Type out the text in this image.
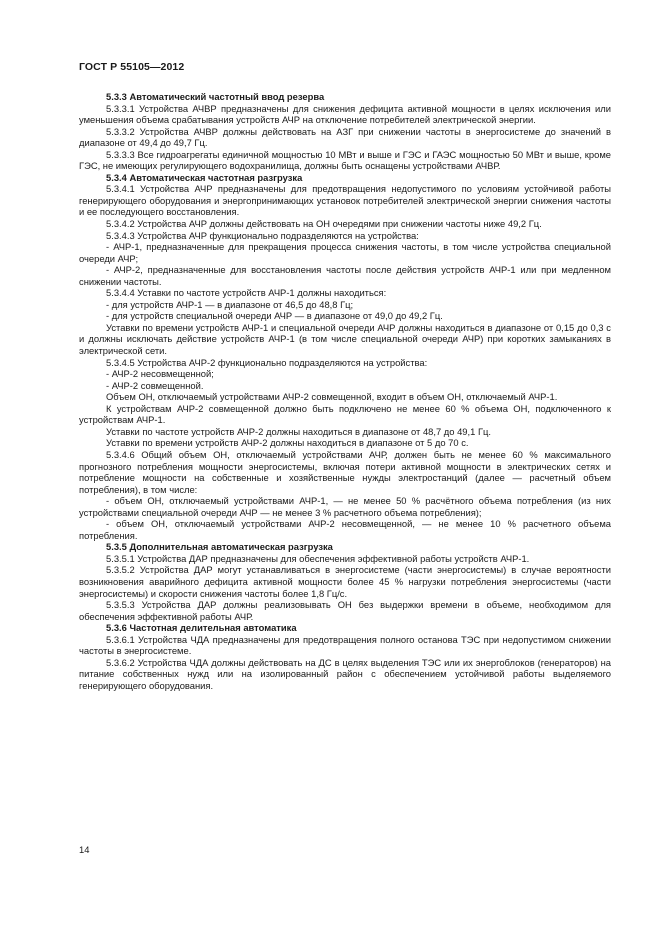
ГОСТ Р 55105—2012

5.3.3 Автоматический частотный ввод резерва

5.3.3.1 Устройства АЧВР предназначены для снижения дефицита активной мощности в целях исключения или уменьшения объема срабатывания устройств АЧР на отключение потребителей электрической энергии.

5.3.3.2 Устройства АЧВР должны действовать на АЗГ при снижении частоты в энергосистеме до значений в диапазоне от 49,4 до 49,7 Гц.

5.3.3.3 Все гидроагрегаты единичной мощностью 10 МВт и выше и ГЭС и ГАЭС мощностью 50 МВт и выше, кроме ГЭС, не имеющих регулирующего водохранилища, должны быть оснащены устройствами АЧВР.

5.3.4 Автоматическая частотная разгрузка

5.3.4.1 Устройства АЧР предназначены для предотвращения недопустимого по условиям устойчивой работы генерирующего оборудования и энергопринимающих установок потребителей электрической энергии снижения частоты и ее последующего восстановления.

5.3.4.2 Устройства АЧР должны действовать на ОН очередями при снижении частоты ниже 49,2 Гц.

5.3.4.3 Устройства АЧР функционально подразделяются на устройства:

- АЧР-1, предназначенные для прекращения процесса снижения частоты, в том числе устройства специальной очереди АЧР;

- АЧР-2, предназначенные для восстановления частоты после действия устройств АЧР-1 или при медленном снижении частоты.

5.3.4.4 Уставки по частоте устройств АЧР-1 должны находиться:

- для устройств АЧР-1 — в диапазоне от 46,5 до 48,8 Гц;

- для устройств специальной очереди АЧР — в диапазоне от 49,0 до 49,2 Гц.

Уставки по времени устройств АЧР-1 и специальной очереди АЧР должны находиться в диапазоне от 0,15 до 0,3 с и должны исключать действие устройств АЧР-1 (в том числе специальной очереди АЧР) при коротких замыканиях в электрической сети.

5.3.4.5 Устройства АЧР-2 функционально подразделяются на устройства:

- АЧР-2 несовмещенной;

- АЧР-2 совмещенной.

Объем ОН, отключаемый устройствами АЧР-2 совмещенной, входит в объем ОН, отключаемый АЧР-1.

К устройствам АЧР-2 совмещенной должно быть подключено не менее 60 % объема ОН, подключенного к устройствам АЧР-1.

Уставки по частоте устройств АЧР-2 должны находиться в диапазоне от 48,7 до 49,1 Гц.

Уставки по времени устройств АЧР-2 должны находиться в диапазоне от 5 до 70 с.

5.3.4.6 Общий объем ОН, отключаемый устройствами АЧР, должен быть не менее 60 % максимального прогнозного потребления мощности энергосистемы, включая потери активной мощности в электрических сетях и потребление мощности на собственные и хозяйственные нужды электростанций (далее — расчетный объем потребления), в том числе:

- объем ОН, отключаемый устройствами АЧР-1, — не менее 50 % расчётного объема потребления (из них устройствами специальной очереди АЧР — не менее 3 % расчетного объема потребления);

- объем ОН, отключаемый устройствами АЧР-2 несовмещенной, — не менее 10 % расчетного объема потребления.

5.3.5 Дополнительная автоматическая разгрузка

5.3.5.1 Устройства ДАР предназначены для обеспечения эффективной работы устройств АЧР-1.

5.3.5.2 Устройства ДАР могут устанавливаться в энергосистеме (части энергосистемы) в случае вероятности возникновения аварийного дефицита активной мощности более 45 % нагрузки потребления энергосистемы (части энергосистемы) и скорости снижения частоты более 1,8 Гц/с.

5.3.5.3 Устройства ДАР должны реализовывать ОН без выдержки времени в объеме, необходимом для обеспечения эффективной работы АЧР.

5.3.6 Частотная делительная автоматика

5.3.6.1 Устройства ЧДА предназначены для предотвращения полного останова ТЭС при недопустимом снижении частоты в энергосистеме.

5.3.6.2 Устройства ЧДА должны действовать на ДС в целях выделения ТЭС или их энергоблоков (генераторов) на питание собственных нужд или на изолированный район с обеспечением устойчивой работы выделяемого генерирующего оборудования.

14
